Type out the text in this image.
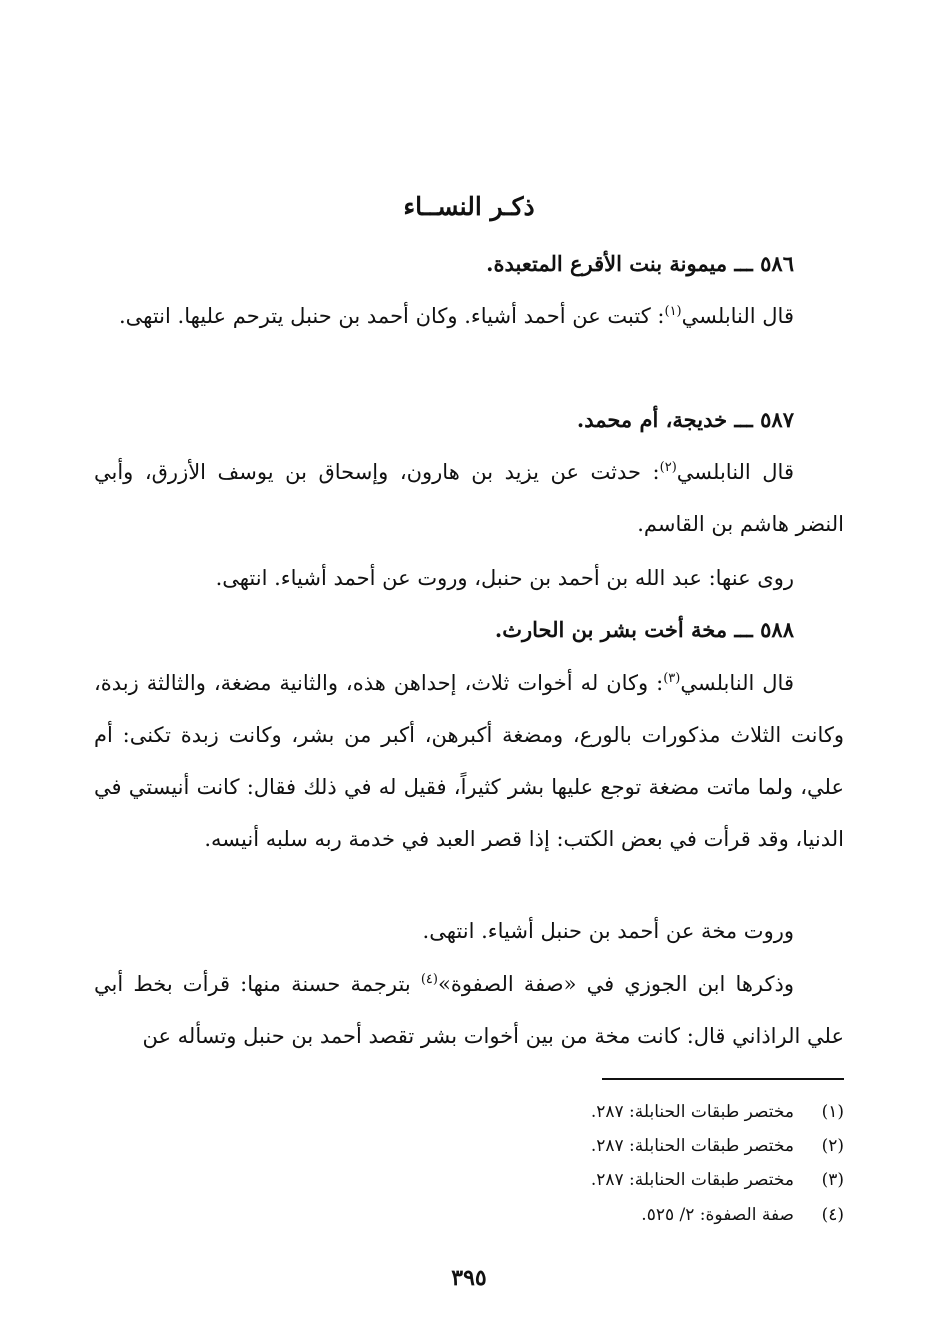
ذكـر النســاء
٥٨٦ ـــ ميمونة بنت الأقرع المتعبدة.
قال النابلسي$^{(١)}$: كتبت عن أحمد أشياء. وكان أحمد بن حنبل يترحم عليها. انتهى.
٥٨٧ ـــ خديجة، أم محمد.
قال النابلسي$^{(٢)}$: حدثت عن يزيد بن هارون، وإسحاق بن يوسف الأزرق، وأبي النضر هاشم بن القاسم.
روى عنها: عبد الله بن أحمد بن حنبل، وروت عن أحمد أشياء. انتهى.
٥٨٨ ـــ مخة أخت بشر بن الحارث.
قال النابلسي$^{(٣)}$: وكان له أخوات ثلاث، إحداهن هذه، والثانية مضغة، والثالثة زبدة، وكانت الثلاث مذكورات بالورع، ومضغة أكبرهن، أكبر من بشر، وكانت زبدة تكنى: أم علي، ولما ماتت مضغة توجع عليها بشر كثيراً، فقيل له في ذلك فقال: كانت أنيستي في الدنيا، وقد قرأت في بعض الكتب: إذا قصر العبد في خدمة ربه سلبه أنيسه.
وروت مخة عن أحمد بن حنبل أشياء. انتهى.
وذكرها ابن الجوزي في «صفة الصفوة»$^{(٤)}$ بترجمة حسنة منها: قرأت بخط أبي علي الراذاني قال: كانت مخة من بين أخوات بشر تقصد أحمد بن حنبل وتسأله عن
(١)مختصر طبقات الحنابلة: ٢٨٧.
(٢)مختصر طبقات الحنابلة: ٢٨٧.
(٣)مختصر طبقات الحنابلة: ٢٨٧.
(٤)صفة الصفوة: ٢/ ٥٢٥.
٣٩٥
